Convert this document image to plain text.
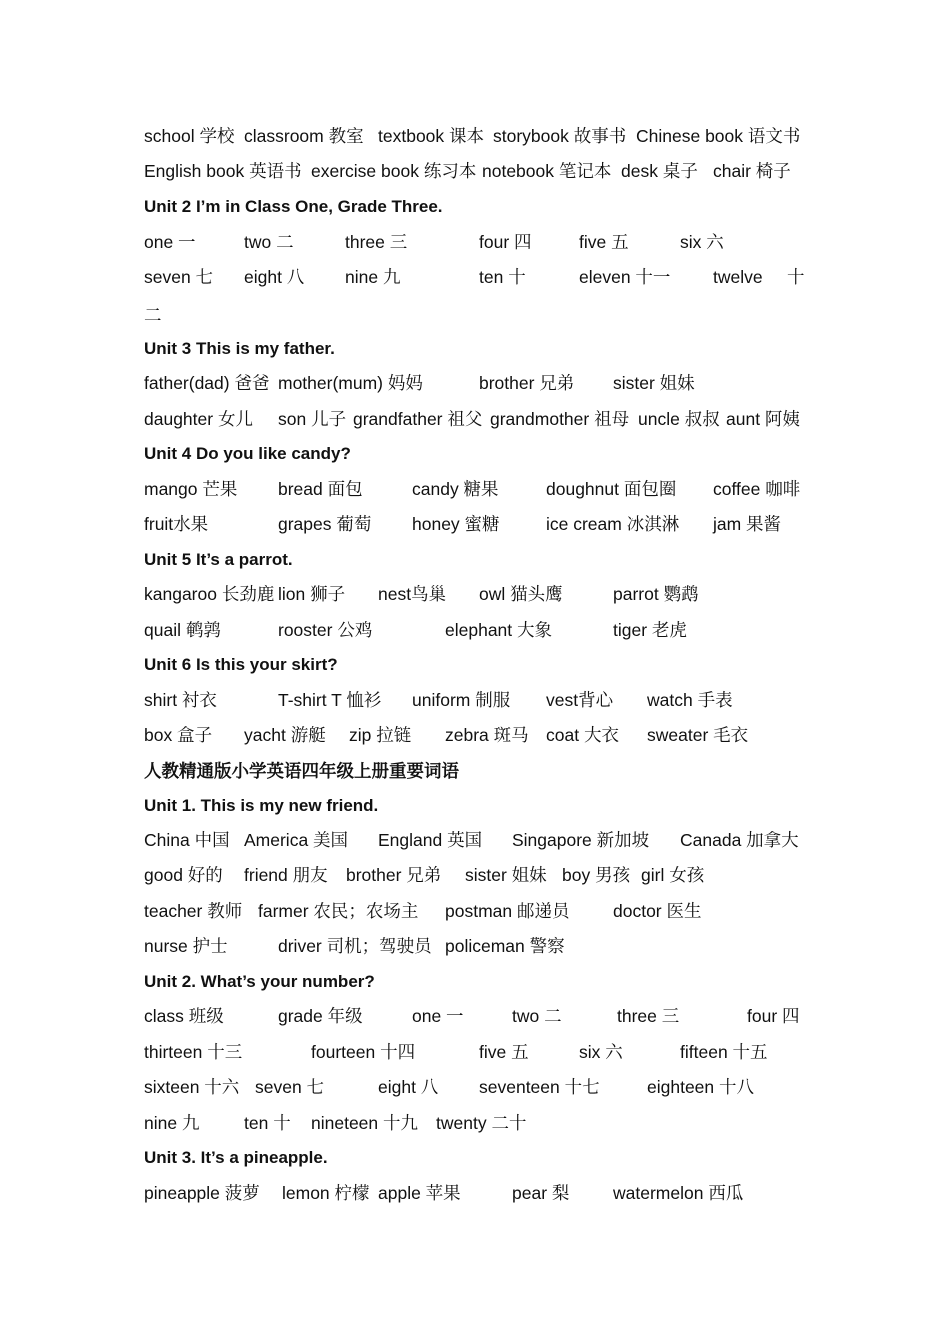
school 学校 classroom 教室 textbook 课本 storybook 故事书 Chinese book 语文书
English book 英语书 exercise book 练习本 notebook 笔记本 desk 桌子 chair 椅子
Unit 2 I’m in Class One, Grade Three.
one 一	two 二	three 三	four 四	five 五	six 六
seven 七 eight 八 nine 九	ten 十	eleven 十一 twelve 十
二
Unit 3 This is my father.
father(dad) 爸爸 mother(mum) 妈妈	brother 兄弟 sister 姐妹
daughter 女儿 son 儿子 grandfather 祖父 grandmother 祖母 uncle 叔叔 aunt 阿姨
Unit 4 Do you like candy?
mango 芒果 bread 面包	candy 糖果	doughnut 面包圈 coffee 咖啡
fruit水果	grapes 葡萄 honey 蜜糖	ice cream 冰淇淋 jam 果酱
Unit 5 It’s a parrot.
kangaroo 长劲鹿 lion 狮子 nest鸟巢 owl 猫头鹰	parrot 鹦鹉
quail 鹌鹑	rooster 公鸡	elephant 大象	tiger 老虎
Unit 6 Is this your skirt?
shirt 衬衣	T-shirt T 恤衫 uniform 制服 vest背心 watch 手表
box 盒子 yacht 游艇 zip 拉链 zebra 斑马 coat 大衣 sweater 毛衣
人教精通版小学英语四年级上册重要词语
Unit 1. This is my new friend.
China 中国 America 美国 England 英国 Singapore 新加坡 Canada 加拿大
good 好的 friend 朋友 brother 兄弟 sister 姐妹 boy 男孩 girl 女孩
teacher 教师 farmer 农民；农场主 postman 邮递员 doctor 医生
nurse 护士	driver 司机；驾驶员 policeman 警察
Unit 2. What’s your number?
class 班级	grade 年级	one 一	two 二	three 三	four 四
thirteen 十三	fourteen 十四	five 五	six 六	fifteen 十五
sixteen 十六 seven 七	eight 八 seventeen 十七	eighteen 十八
nine 九	ten 十 nineteen 十九 twenty 二十
Unit 3. It’s a pineapple.
pineapple 菠萝 lemon 柠檬 apple 苹果	pear 梨 watermelon 西瓜
